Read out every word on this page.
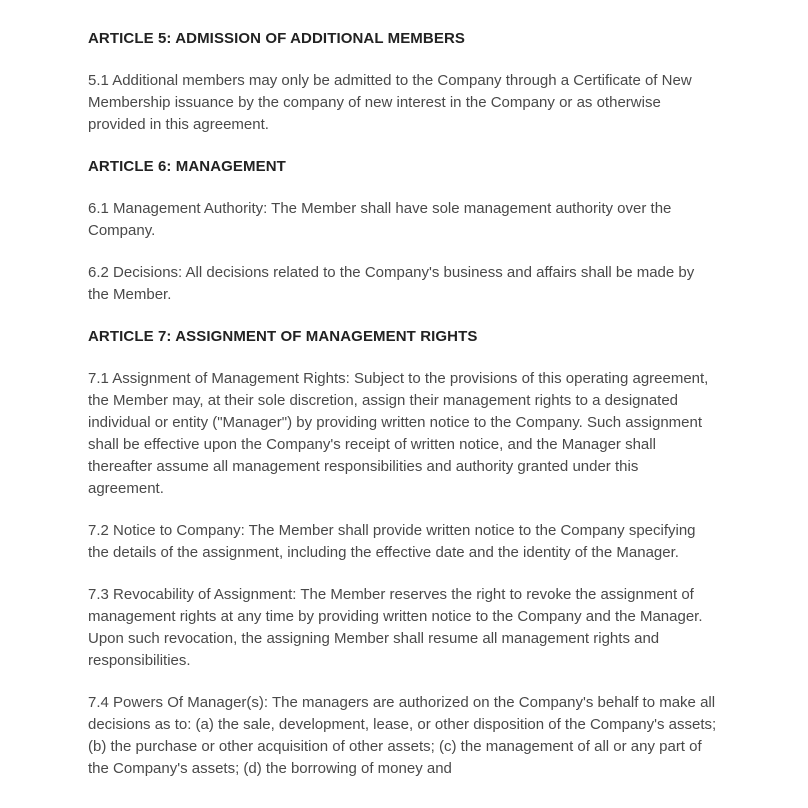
ARTICLE 5: ADMISSION OF ADDITIONAL MEMBERS

5.1 Additional members may only be admitted to the Company through a Certificate of New Membership issuance by the company of new interest in the Company or as otherwise provided in this agreement.

ARTICLE 6: MANAGEMENT

6.1 Management Authority: The Member shall have sole management authority over the Company.

6.2 Decisions: All decisions related to the Company's business and affairs shall be made by the Member.

ARTICLE 7: ASSIGNMENT OF MANAGEMENT RIGHTS

7.1 Assignment of Management Rights: Subject to the provisions of this operating agreement, the Member may, at their sole discretion, assign their management rights to a designated individual or entity ("Manager") by providing written notice to the Company. Such assignment shall be effective upon the Company's receipt of written notice, and the Manager shall thereafter assume all management responsibilities and authority granted under this agreement.

7.2 Notice to Company: The Member shall provide written notice to the Company specifying the details of the assignment, including the effective date and the identity of the Manager.

7.3 Revocability of Assignment: The Member reserves the right to revoke the assignment of management rights at any time by providing written notice to the Company and the Manager. Upon such revocation, the assigning Member shall resume all management rights and responsibilities.

7.4 Powers Of Manager(s): The managers are authorized on the Company's behalf to make all decisions as to: (a) the sale, development, lease, or other disposition of the Company's assets; (b) the purchase or other acquisition of other assets; (c) the management of all or any part of the Company's assets; (d) the borrowing of money and
